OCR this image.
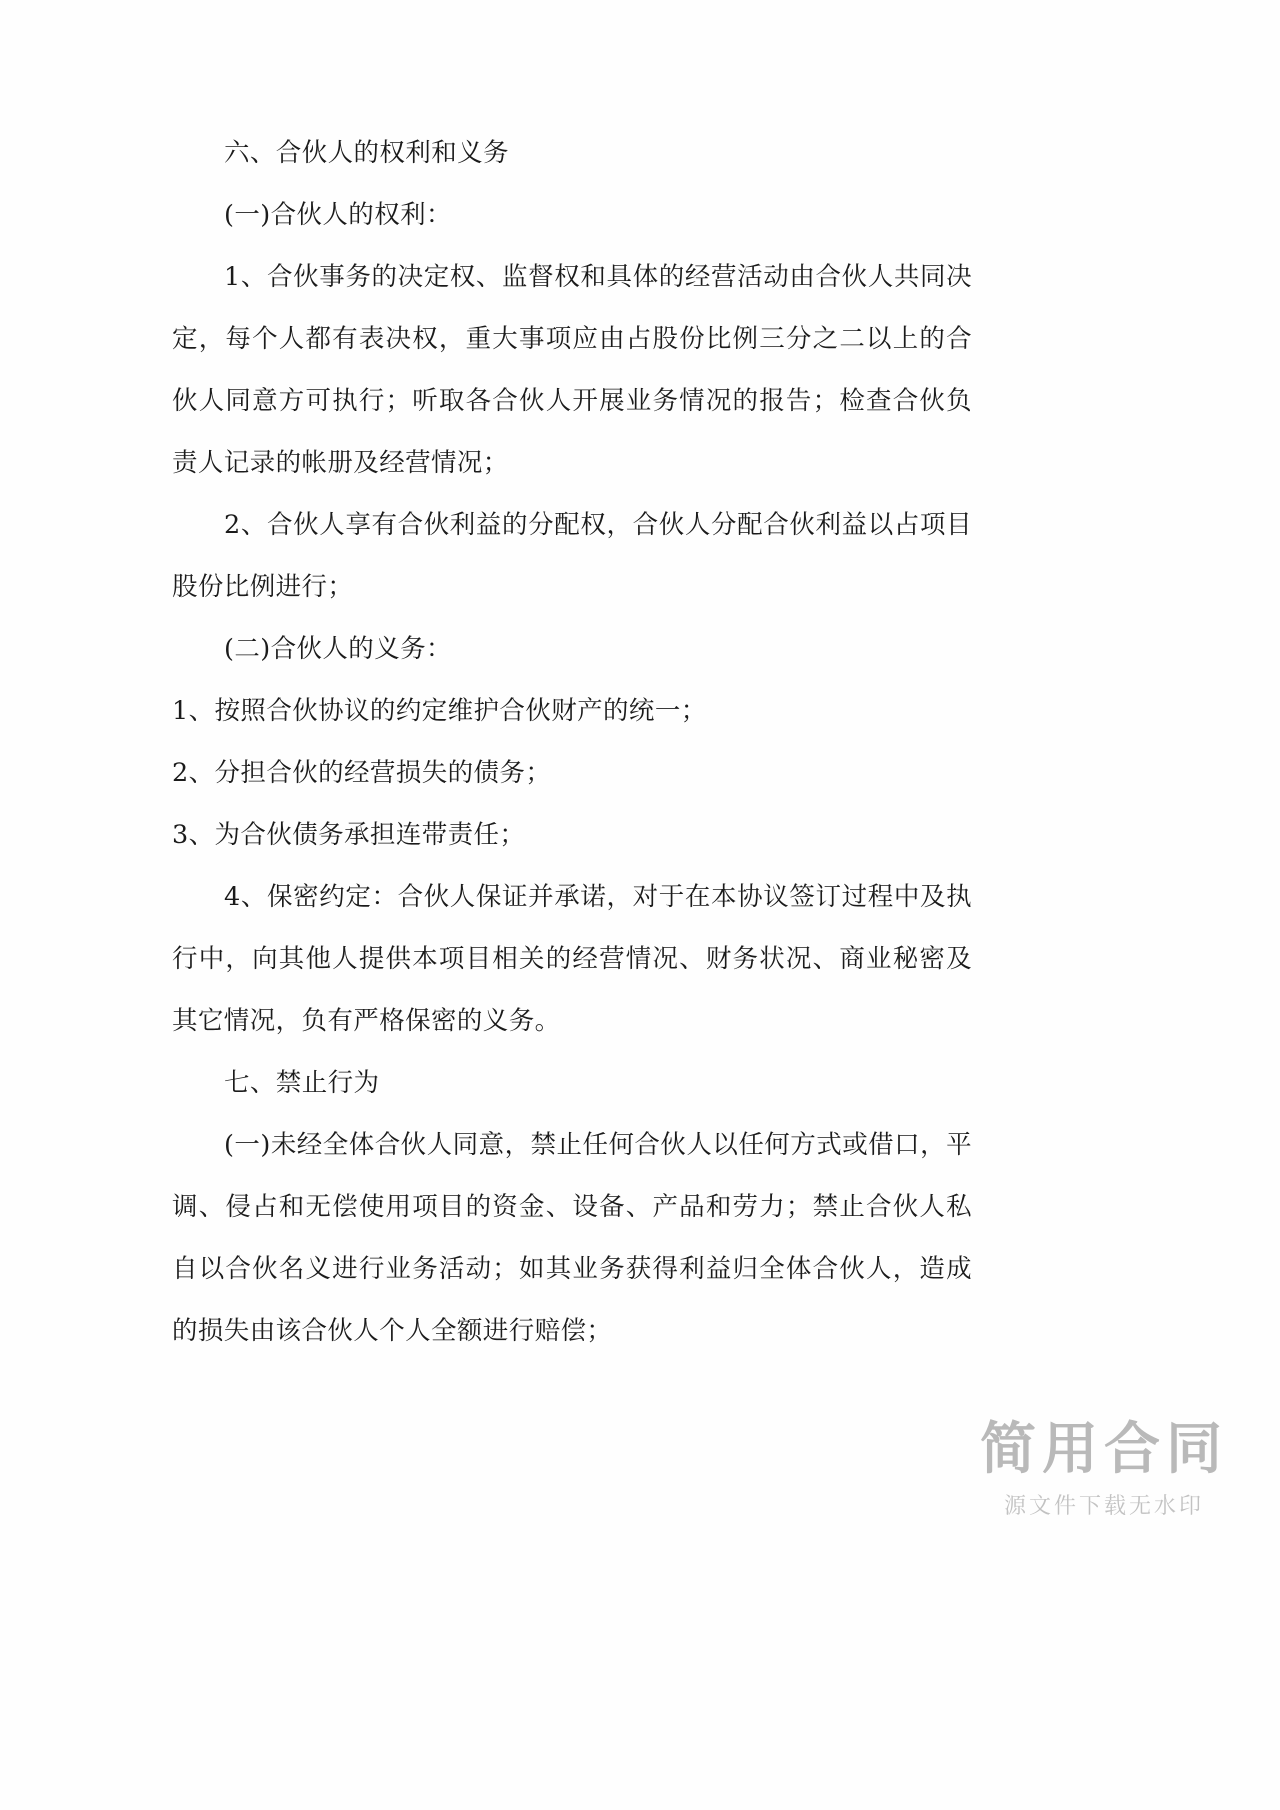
六、合伙人的权利和义务

(一)合伙人的权利：

1、合伙事务的决定权、监督权和具体的经营活动由合伙人共同决定，每个人都有表决权，重大事项应由占股份比例三分之二以上的合伙人同意方可执行；听取各合伙人开展业务情况的报告；检查合伙负责人记录的帐册及经营情况；

2、合伙人享有合伙利益的分配权，合伙人分配合伙利益以占项目股份比例进行；

(二)合伙人的义务：

1、按照合伙协议的约定维护合伙财产的统一；

2、分担合伙的经营损失的债务；

3、为合伙债务承担连带责任；

4、保密约定：合伙人保证并承诺，对于在本协议签订过程中及执行中，向其他人提供本项目相关的经营情况、财务状况、商业秘密及其它情况，负有严格保密的义务。

七、禁止行为

(一)未经全体合伙人同意，禁止任何合伙人以任何方式或借口，平调、侵占和无偿使用项目的资金、设备、产品和劳力；禁止合伙人私自以合伙名义进行业务活动；如其业务获得利益归全体合伙人，造成的损失由该合伙人个人全额进行赔偿；

简用合同
源文件下载无水印
